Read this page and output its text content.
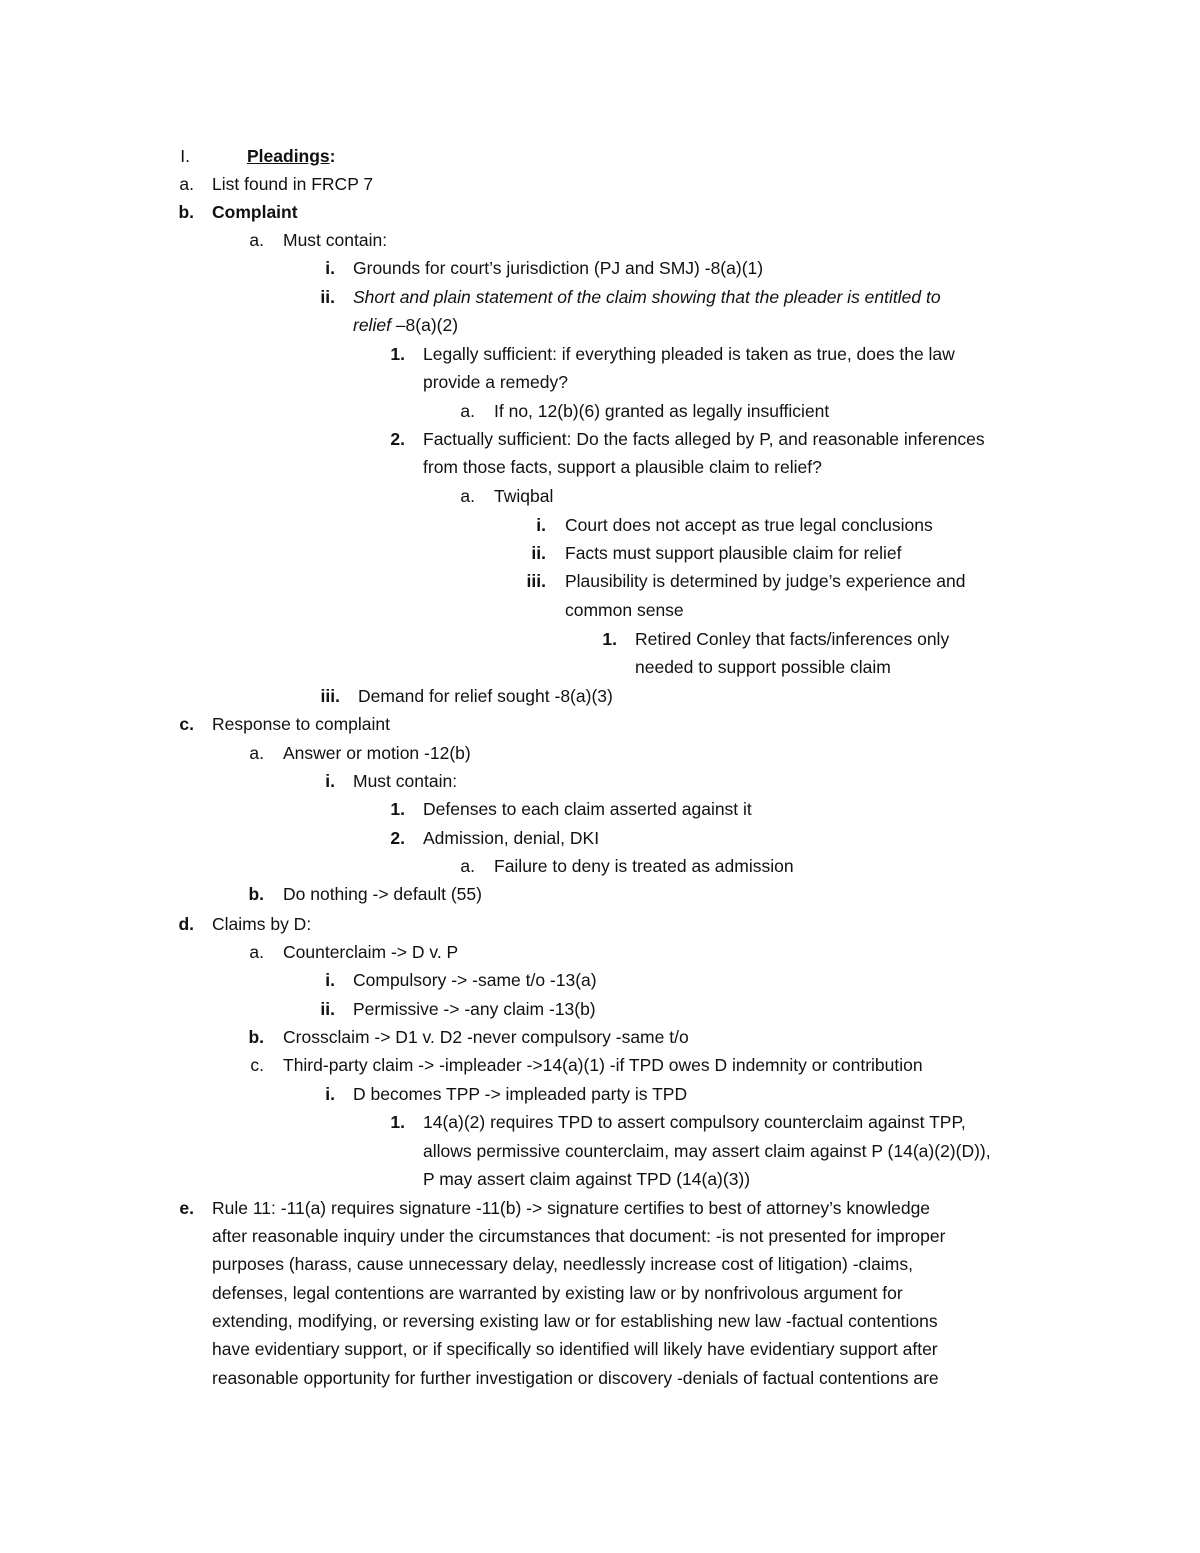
I.	Pleadings:
a. List found in FRCP 7
b. Complaint
a. Must contain:
i. Grounds for court’s jurisdiction (PJ and SMJ) -8(a)(1)
ii. Short and plain statement of the claim showing that the pleader is entitled to
relief –8(a)(2)
1. Legally sufficient: if everything pleaded is taken as true, does the law
provide a remedy?
a. If no, 12(b)(6) granted as legally insufficient
2. Factually sufficient: Do the facts alleged by P, and reasonable inferences
from those facts, support a plausible claim to relief?
a. Twiqbal
i. Court does not accept as true legal conclusions
ii. Facts must support plausible claim for relief
iii. Plausibility is determined by judge’s experience and
common sense
1. Retired Conley that facts/inferences only
needed to support possible claim
iii. Demand for relief sought -8(a)(3)
c. Response to complaint
a. Answer or motion -12(b)
i. Must contain:
1. Defenses to each claim asserted against it
2. Admission, denial, DKI
a. Failure to deny is treated as admission
b. Do nothing -> default (55)
d. Claims by D:
a. Counterclaim -> D v. P
i. Compulsory -> -same t/o -13(a)
ii. Permissive -> -any claim -13(b)
b. Crossclaim -> D1 v. D2 -never compulsory -same t/o
c. Third-party claim -> -impleader ->14(a)(1) -if TPD owes D indemnity or contribution
i. D becomes TPP -> impleaded party is TPD
1. 14(a)(2) requires TPD to assert compulsory counterclaim against TPP,
allows permissive counterclaim, may assert claim against P (14(a)(2)(D)),
P may assert claim against TPD (14(a)(3))
e. Rule 11: -11(a) requires signature -11(b) -> signature certifies to best of attorney’s knowledge
after reasonable inquiry under the circumstances that document: -is not presented for improper
purposes (harass, cause unnecessary delay, needlessly increase cost of litigation) -claims,
defenses, legal contentions are warranted by existing law or by nonfrivolous argument for
extending, modifying, or reversing existing law or for establishing new law -factual contentions
have evidentiary support, or if specifically so identified will likely have evidentiary support after
reasonable opportunity for further investigation or discovery -denials of factual contentions are
